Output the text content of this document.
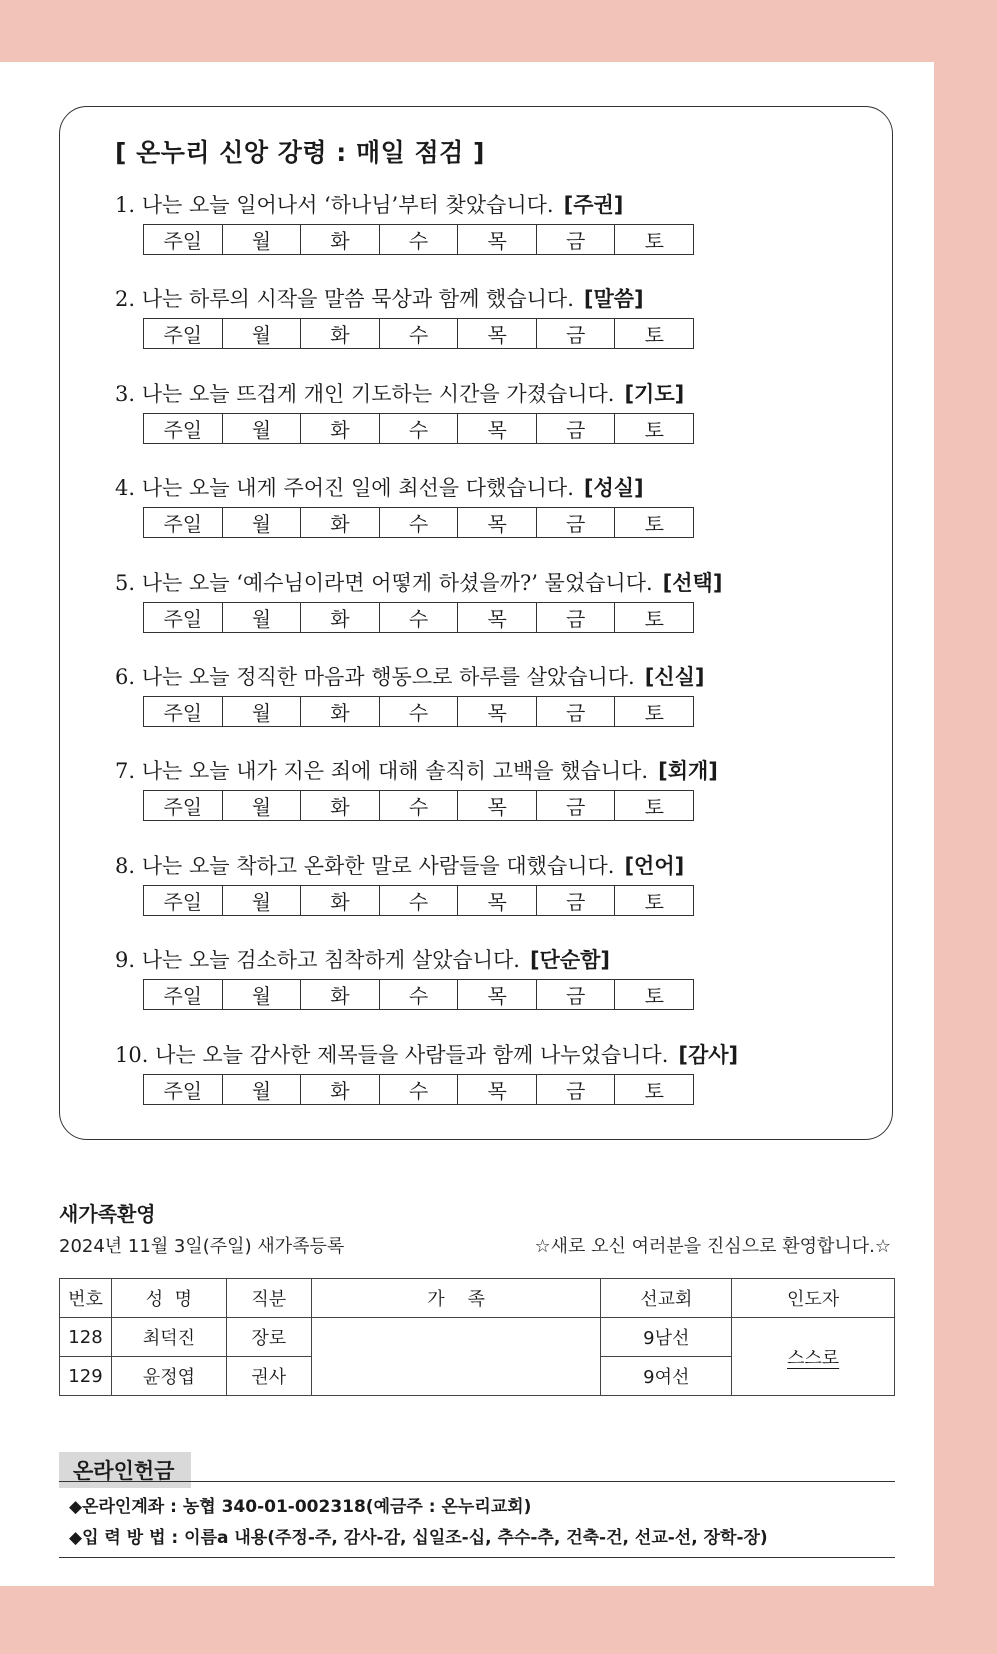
[ 온누리 신앙 강령 : 매일 점검 ]
1. 나는 오늘 일어나서 ‘하나님’부터 찾았습니다. [주권]
주일	월	화	수	목	금	토
2. 나는 하루의 시작을 말씀 묵상과 함께 했습니다. [말씀]
주일	월	화	수	목	금	토
3. 나는 오늘 뜨겁게 개인 기도하는 시간을 가졌습니다. [기도]
주일	월	화	수	목	금	토
4. 나는 오늘 내게 주어진 일에 최선을 다했습니다. [성실]
주일	월	화	수	목	금	토
5. 나는 오늘 ‘예수님이라면 어떻게 하셨을까?’ 물었습니다. [선택]
주일	월	화	수	목	금	토
6. 나는 오늘 정직한 마음과 행동으로 하루를 살았습니다. [신실]
주일	월	화	수	목	금	토
7. 나는 오늘 내가 지은 죄에 대해 솔직히 고백을 했습니다. [회개]
주일	월	화	수	목	금	토
8. 나는 오늘 착하고 온화한 말로 사람들을 대했습니다. [언어]
주일	월	화	수	목	금	토
9. 나는 오늘 검소하고 침착하게 살았습니다. [단순함]
주일	월	화	수	목	금	토
10. 나는 오늘 감사한 제목들을 사람들과 함께 나누었습니다. [감사]
주일	월	화	수	목	금	토
새가족환영
2024년 11월 3일(주일) 새가족등록	☆새로 오신 여러분을 진심으로 환영합니다.☆
번호	성  명	직분	가    족	선교회	인도자
128	최덕진	장로		9남선	스스로
129	윤정엽	권사		9여선	
온라인헌금
◆온라인계좌 : 농협 340-01-002318(예금주 : 온누리교회)
◆입 력 방 법 : 이름a 내용(주정-주, 감사-감, 십일조-십, 추수-추, 건축-건, 선교-선, 장학-장)
